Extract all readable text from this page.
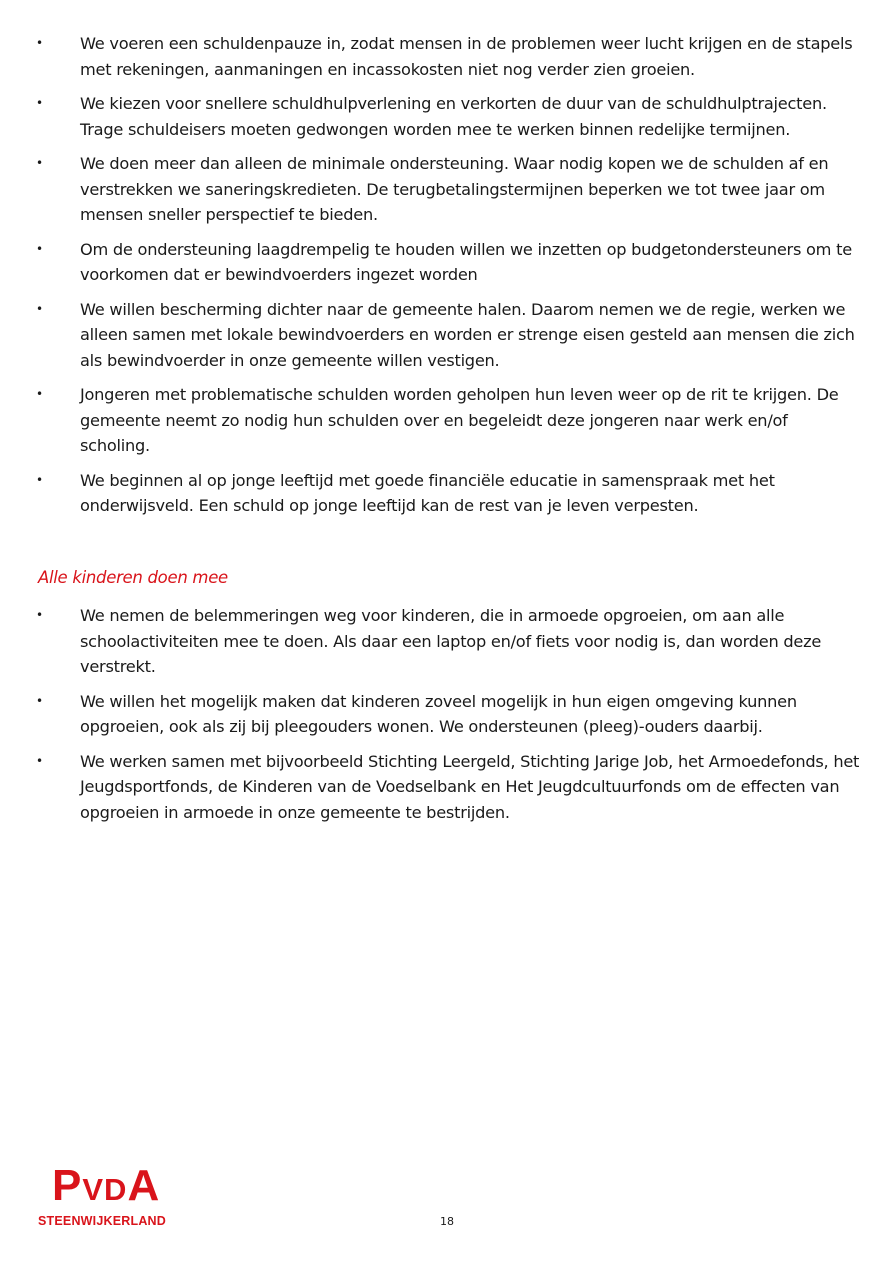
• We voeren een schuldenpauze in, zodat mensen in de problemen weer lucht krijgen en de stapels met rekeningen, aanmaningen en incassokosten niet nog verder zien groeien.
• We kiezen voor snellere schuldhulpverlening en verkorten de duur van de schuldhulptrajecten. Trage schuldeisers moeten gedwongen worden mee te werken binnen redelijke termijnen.
• We doen meer dan alleen de minimale ondersteuning. Waar nodig kopen we de schulden af en verstrekken we saneringskredieten. De terugbetalingstermijnen beperken we tot twee jaar om mensen sneller perspectief te bieden.
• Om de ondersteuning laagdrempelig te houden willen we inzetten op budgetondersteuners om te voorkomen dat er bewindvoerders ingezet worden
• We willen bescherming dichter naar de gemeente halen. Daarom nemen we de regie, werken we alleen samen met lokale bewindvoerders en worden er strenge eisen gesteld aan mensen die zich als bewindvoerder in onze gemeente willen vestigen.
• Jongeren met problematische schulden worden geholpen hun leven weer op de rit te krijgen. De gemeente neemt zo nodig hun schulden over en begeleidt deze jongeren naar werk en/of scholing.
• We beginnen al op jonge leeftijd met goede financiële educatie in samenspraak met het onderwijsveld. Een schuld op jonge leeftijd kan de rest van je leven verpesten.
Alle kinderen doen mee
• We nemen de belemmeringen weg voor kinderen, die in armoede opgroeien, om aan alle schoolactiviteiten mee te doen. Als daar een laptop en/of fiets voor nodig is, dan worden deze verstrekt.
• We willen het mogelijk maken dat kinderen zoveel mogelijk in hun eigen omgeving kunnen opgroeien, ook als zij bij pleegouders wonen. We ondersteunen (pleeg)-ouders daarbij.
• We werken samen met bijvoorbeeld Stichting Leergeld, Stichting Jarige Job, het Armoedefonds, het Jeugdsportfonds, de Kinderen van de Voedselbank en Het Jeugdcultuurfonds om de effecten van opgroeien in armoede in onze gemeente te bestrijden.
PVDA
STEENWIJKERLAND	18
